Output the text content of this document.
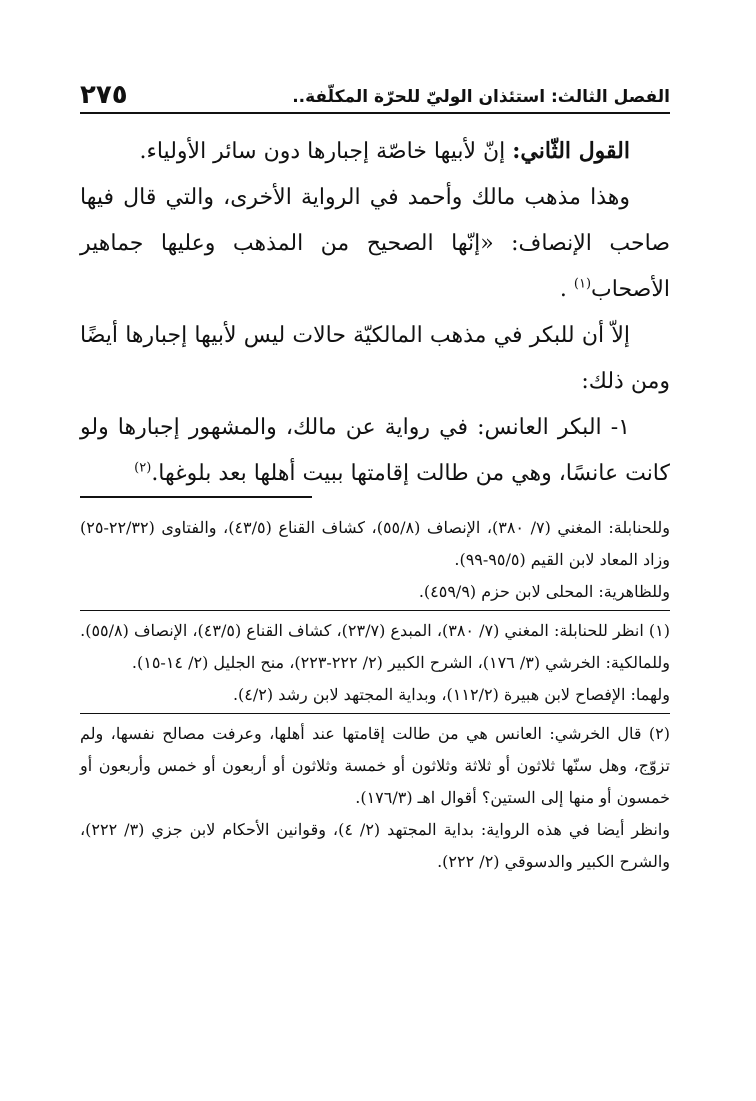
الفصل الثالث: استئذان الوليّ للحرّة المكلّفة..
٢٧٥

القول الثّاني: إنّ لأبيها خاصّة إجبارها دون سائر الأولياء.

وهذا مذهب مالك وأحمد في الرواية الأخرى، والتي قال فيها صاحب الإنصاف: «إنّها الصحيح من المذهب وعليها جماهير الأصحاب$^{(١)}$ .

إلاّ أن للبكر في مذهب المالكيّة حالات ليس لأبيها إجبارها أيضًا ومن ذلك:

١- البكر العانس: في رواية عن مالك، والمشهور إجبارها ولو كانت عانسًا، وهي من طالت إقامتها ببيت أهلها بعد بلوغها.$^{(٢)}$

وللحنابلة: المغني (٧/ ٣٨٠)، الإنصاف (٥٥/٨)، كشاف القناع (٤٣/٥)، والفتاوى (٢٢/٣٢-٢٥) وزاد المعاد لابن القيم (٩٥/٥-٩٩).

وللظاهرية: المحلى لابن حزم (٤٥٩/٩).

(١) انظر للحنابلة: المغني (٧/ ٣٨٠)، المبدع (٢٣/٧)، كشاف القناع (٤٣/٥)، الإنصاف (٥٥/٨).

وللمالكية: الخرشي (٣/ ١٧٦)، الشرح الكبير (٢/ ٢٢٢-٢٢٣)، منح الجليل (٢/ ١٤-١٥).

ولهما: الإفصاح لابن هبيرة (١١٢/٢)، وبداية المجتهد لابن رشد (٤/٢).

(٢) قال الخرشي: العانس هي من طالت إقامتها عند أهلها، وعرفت مصالح نفسها، ولم تزوّج، وهل سنّها ثلاثون أو ثلاثة وثلاثون أو خمسة وثلاثون أو أربعون أو خمس وأربعون أو خمسون أو منها إلى الستين؟ أقوال اهـ (١٧٦/٣).

وانظر أيضا في هذه الرواية: بداية المجتهد (٢/ ٤)، وقوانين الأحكام لابن جزي (٣/ ٢٢٢)، والشرح الكبير والدسوقي (٢/ ٢٢٢).
